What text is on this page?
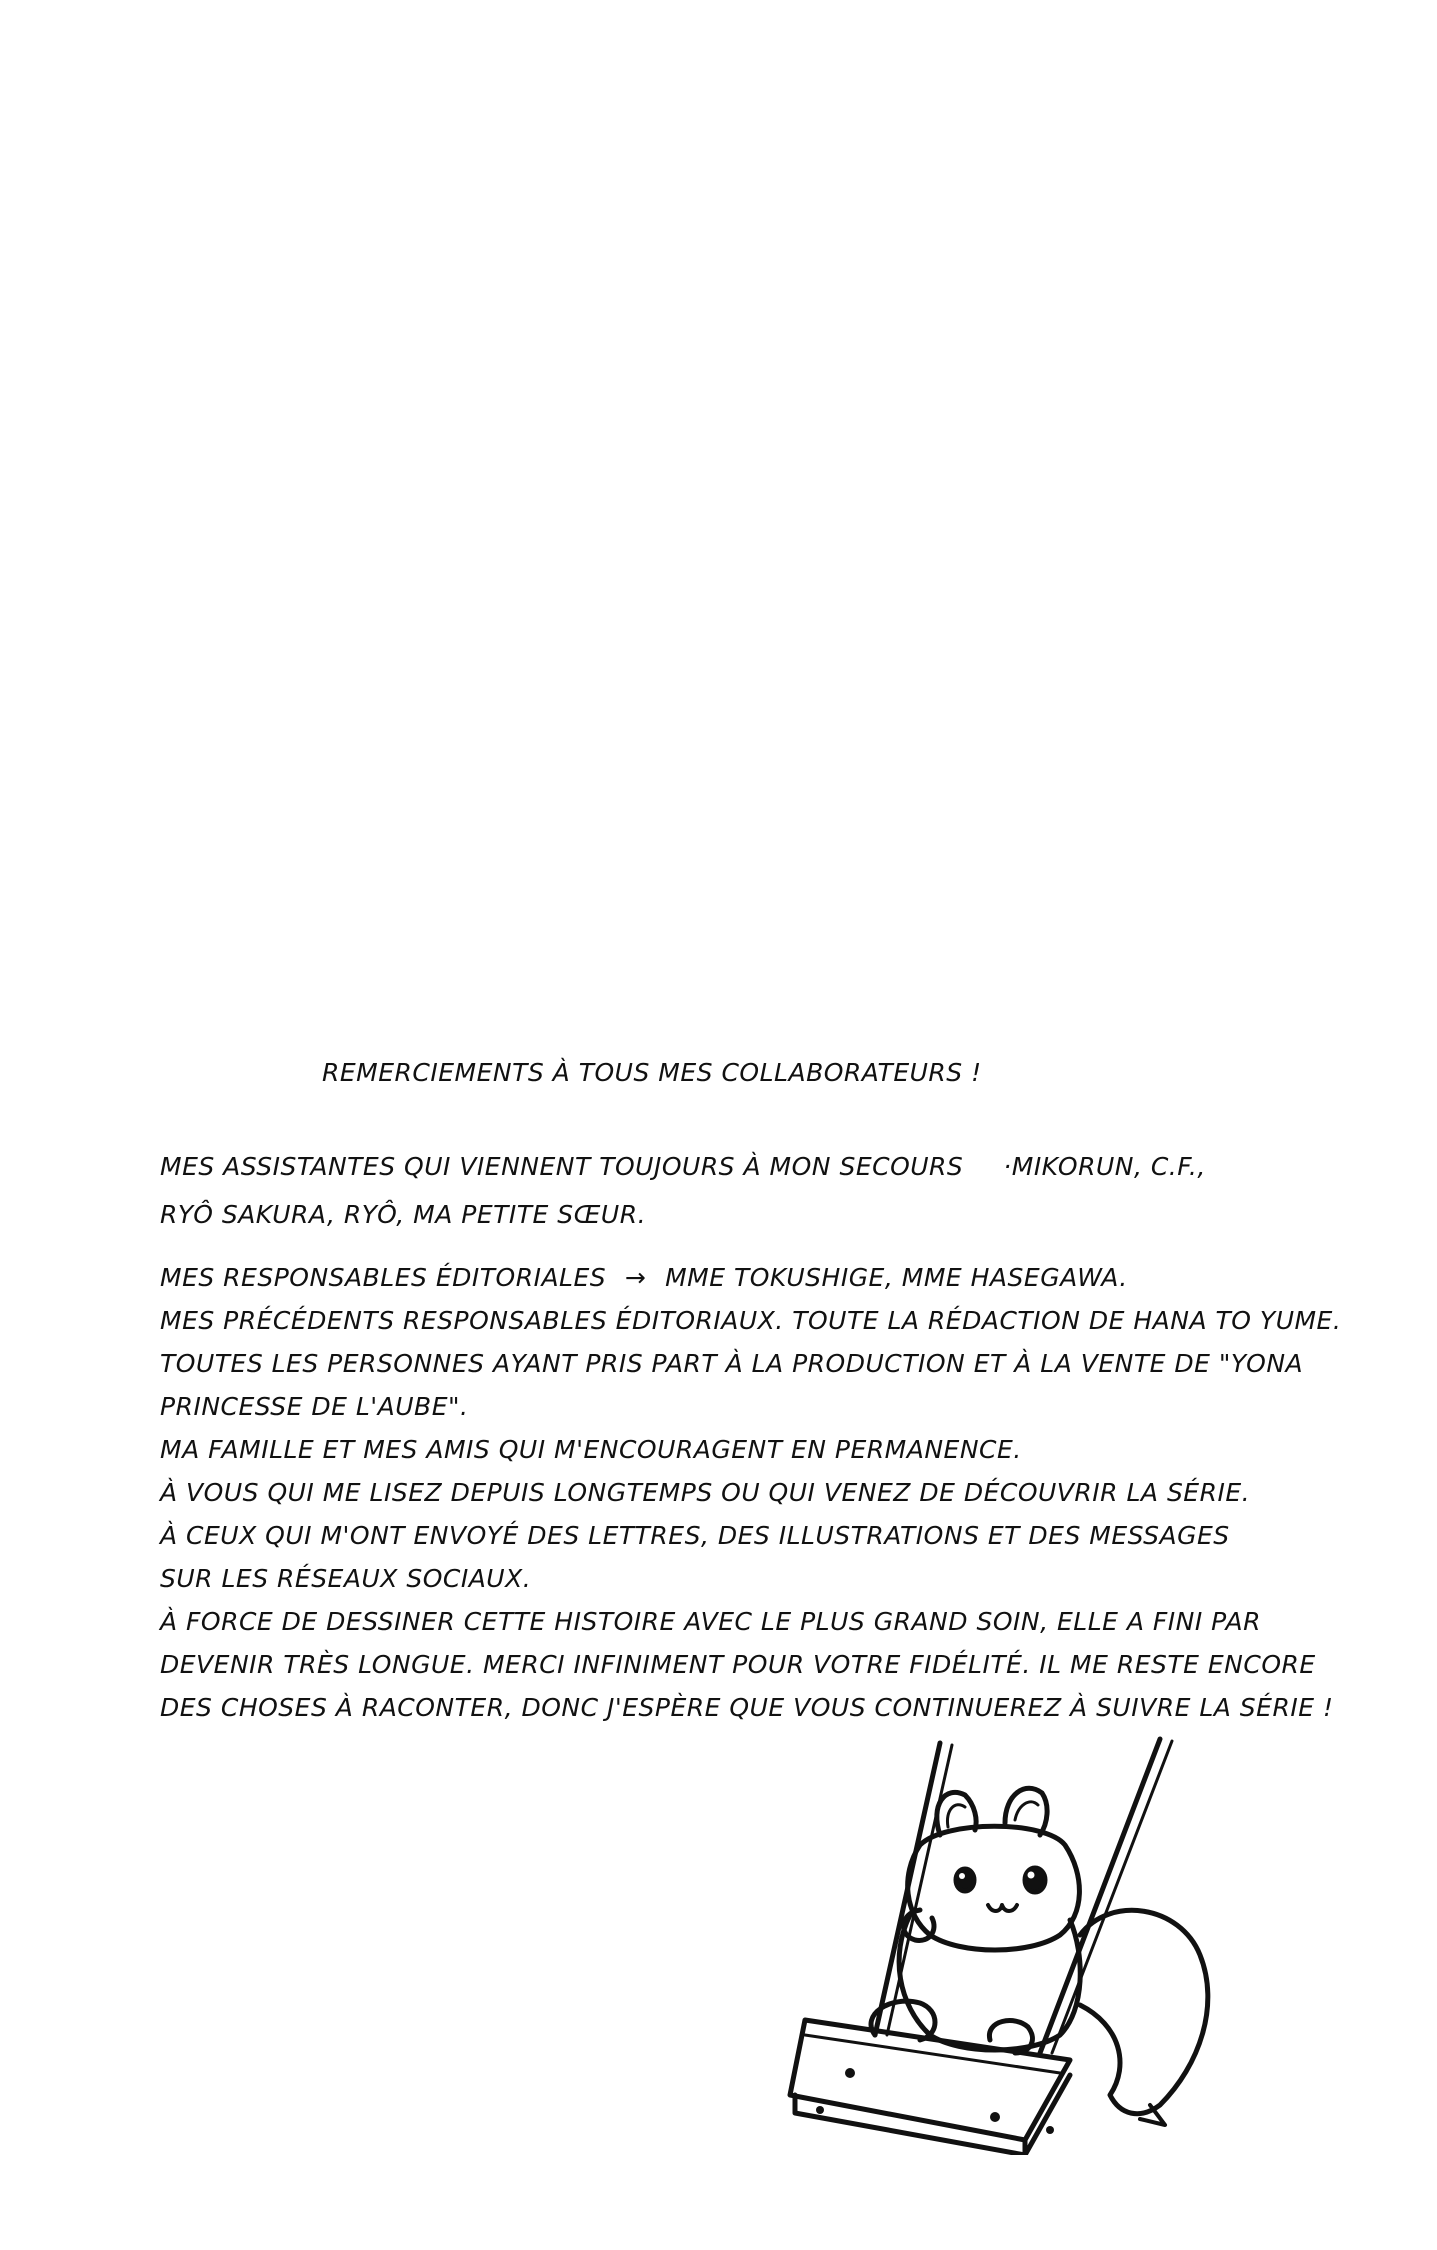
REMERCIEMENTS À TOUS MES COLLABORATEURS !
MES ASSISTANTES QUI VIENNENT TOUJOURS À MON SECOURS ·MIKORUN, C.F.,
RYÔ SAKURA, RYÔ, MA PETITE SŒUR.
MES RESPONSABLES ÉDITORIALES → MME TOKUSHIGE, MME HASEGAWA.
MES PRÉCÉDENTS RESPONSABLES ÉDITORIAUX. TOUTE LA RÉDACTION DE HANA TO YUME.
TOUTES LES PERSONNES AYANT PRIS PART À LA PRODUCTION ET À LA VENTE DE "YONA
PRINCESSE DE L'AUBE".
MA FAMILLE ET MES AMIS QUI M'ENCOURAGENT EN PERMANENCE.
À VOUS QUI ME LISEZ DEPUIS LONGTEMPS OU QUI VENEZ DE DÉCOUVRIR LA SÉRIE.
À CEUX QUI M'ONT ENVOYÉ DES LETTRES, DES ILLUSTRATIONS ET DES MESSAGES
SUR LES RÉSEAUX SOCIAUX.
À FORCE DE DESSINER CETTE HISTOIRE AVEC LE PLUS GRAND SOIN, ELLE A FINI PAR
DEVENIR TRÈS LONGUE. MERCI INFINIMENT POUR VOTRE FIDÉLITÉ. IL ME RESTE ENCORE
DES CHOSES À RACONTER, DONC J'ESPÈRE QUE VOUS CONTINUEREZ À SUIVRE LA SÉRIE !
